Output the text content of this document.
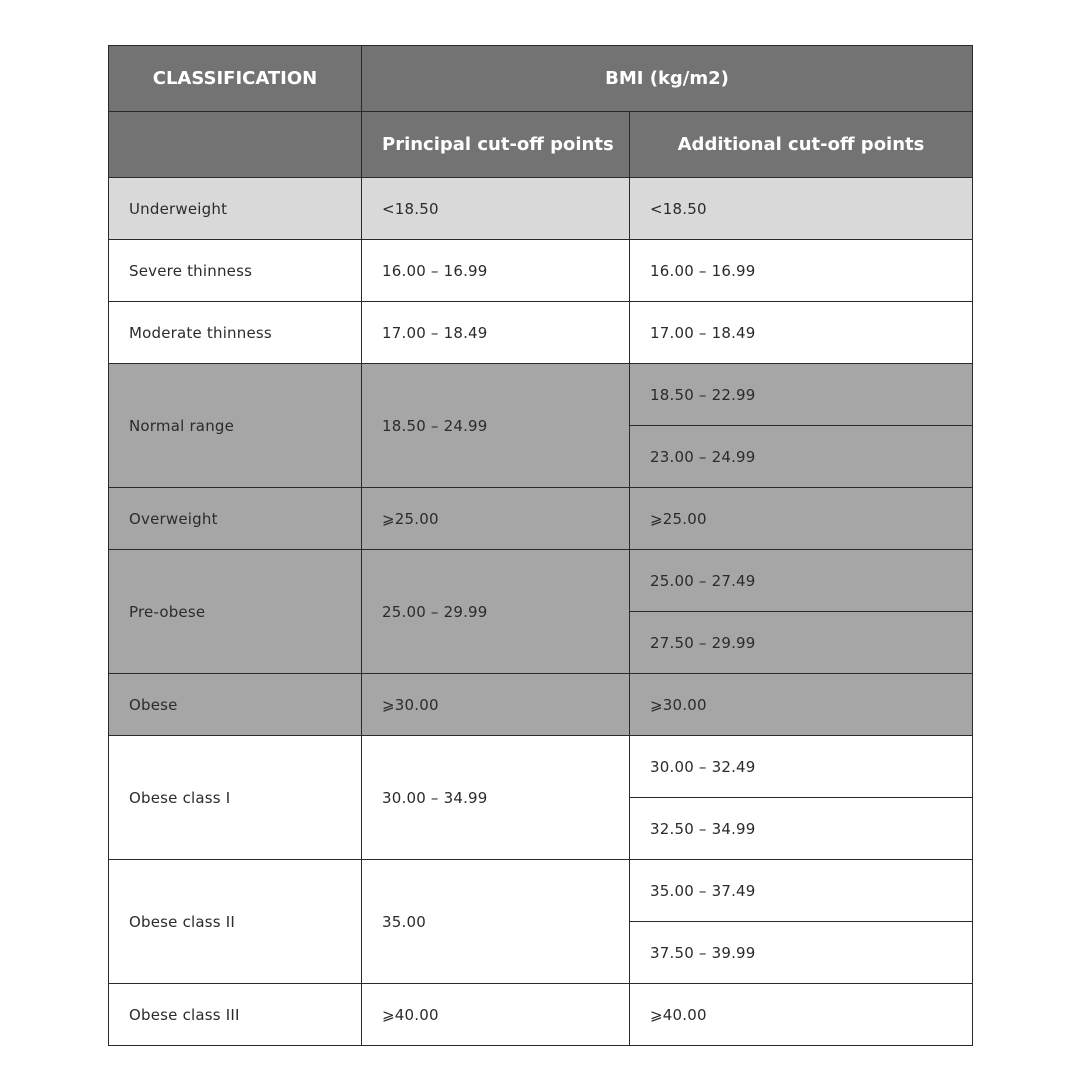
CLASSIFICATION	BMI (kg/m2)	
	Principal cut-off points	Additional cut-off points
Underweight	<18.50	<18.50
Severe thinness	16.00 – 16.99	16.00 – 16.99
Moderate thinness	17.00 – 18.49	17.00 – 18.49
Normal range	18.50 – 24.99	18.50 – 22.99
		23.00 – 24.99
Overweight	⩾25.00	⩾25.00
Pre-obese	25.00 – 29.99	25.00 – 27.49
		27.50 – 29.99
Obese	⩾30.00	⩾30.00
Obese class I	30.00 – 34.99	30.00 – 32.49
		32.50 – 34.99
Obese class II	35.00	35.00 – 37.49
		37.50 – 39.99
Obese class III	⩾40.00	⩾40.00
